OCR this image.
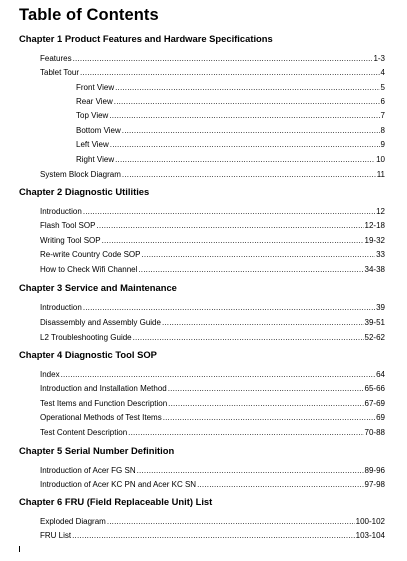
Table of Contents
Chapter 1 Product Features and Hardware Specifications
Features .....	1-3
Tablet Tour .....	4
Front View .....	5
Rear View .....	6
Top View .....	7
Bottom View .....	8
Left View .....	9
Right View .....	10
System Block Diagram .....	11
Chapter 2 Diagnostic Utilities
Introduction .....	12
Flash Tool SOP .....	12-18
Writing Tool SOP .....	19-32
Re-write Country Code SOP .....	33
How to Check Wifi Channel .....	34-38
Chapter 3 Service and Maintenance
Introduction .....	39
Disassembly and Assembly Guide .....	39-51
L2 Troubleshooting Guide .....	52-62
Chapter 4 Diagnostic Tool SOP
Index .....	64
Introduction and Installation Method .....	65-66
Test Items and Function Description .....	67-69
Operational Methods of Test Items .....	69
Test Content Description .....	70-88
Chapter 5 Serial Number Definition
Introduction of Acer FG SN .....	89-96
Introduction of Acer KC PN and Acer KC SN .....	97-98
Chapter 6 FRU (Field Replaceable Unit) List
Exploded Diagram .....	100-102
FRU List .....	103-104
